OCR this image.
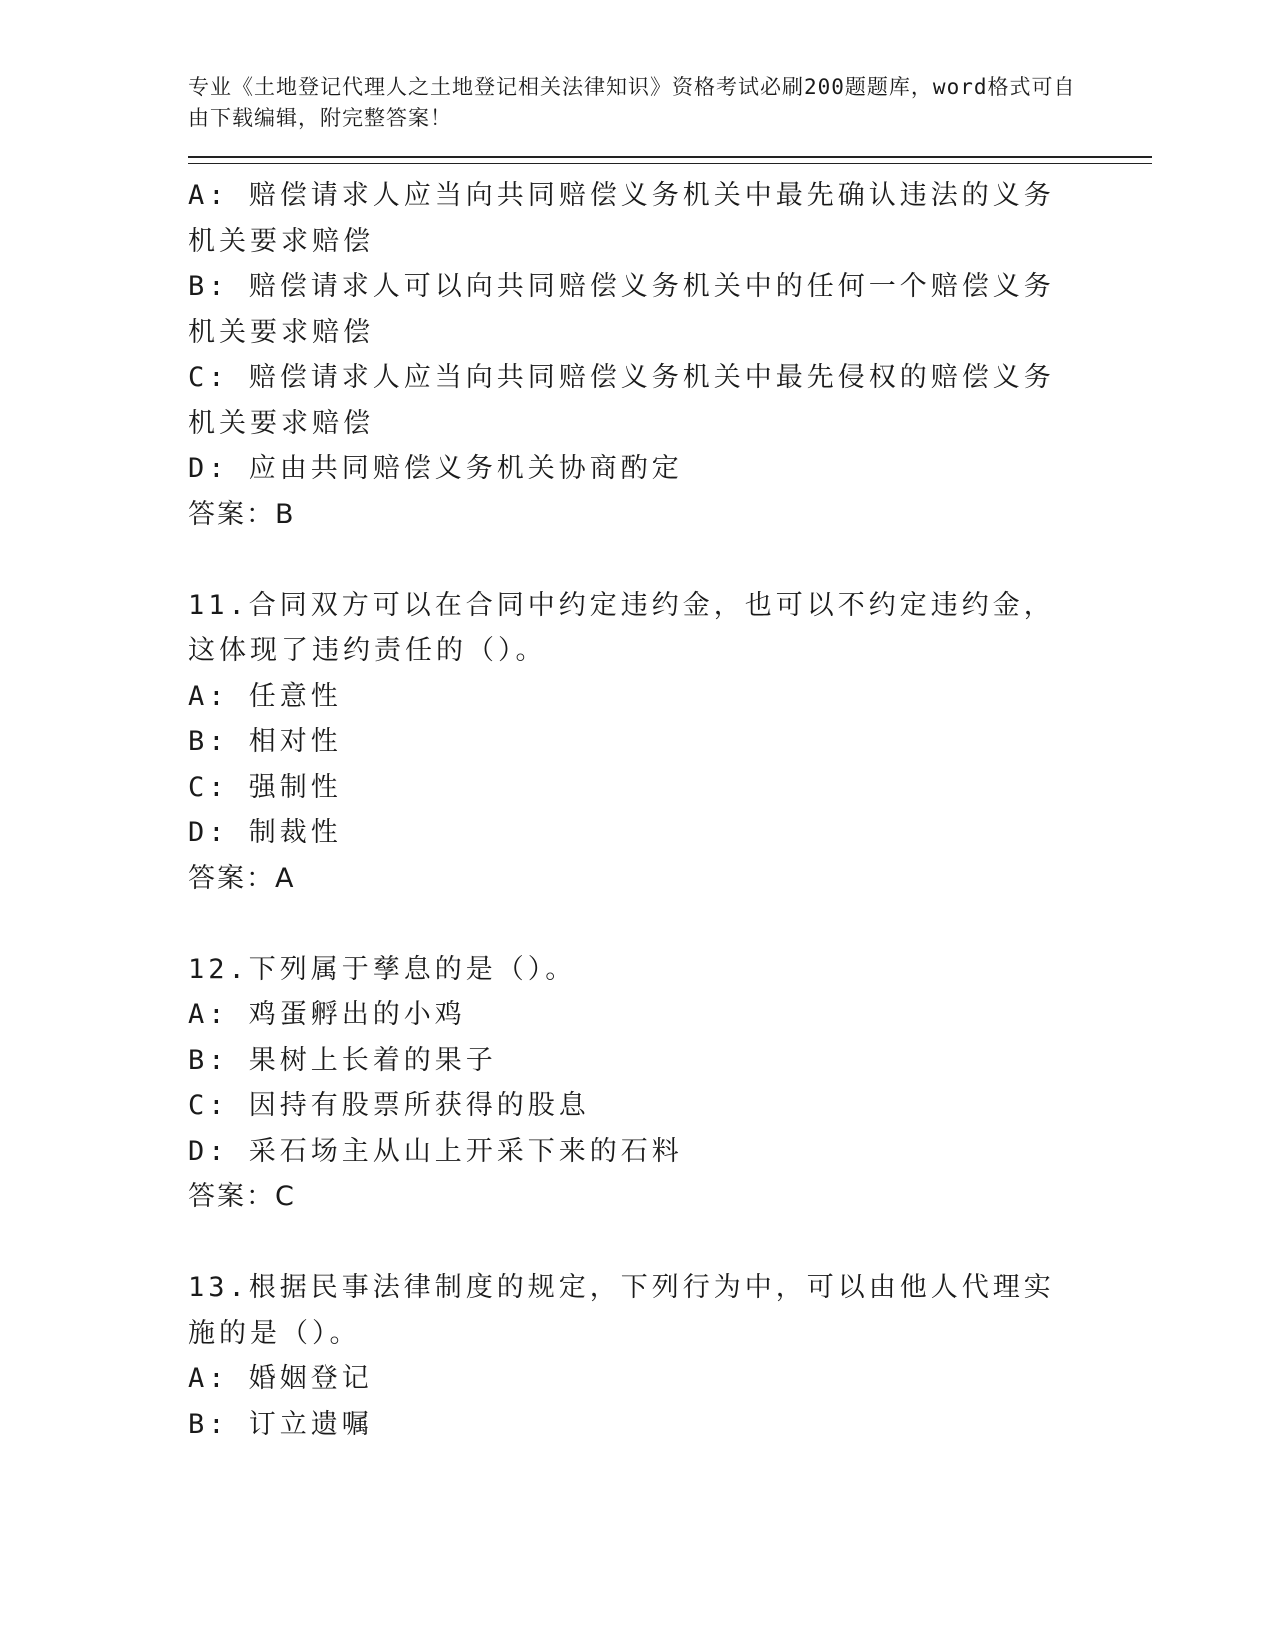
专业《土地登记代理人之土地登记相关法律知识》资格考试必刷200题题库，word格式可自由下载编辑，附完整答案！
A: 赔偿请求人应当向共同赔偿义务机关中最先确认违法的义务机关要求赔偿
B: 赔偿请求人可以向共同赔偿义务机关中的任何一个赔偿义务机关要求赔偿
C: 赔偿请求人应当向共同赔偿义务机关中最先侵权的赔偿义务机关要求赔偿
D: 应由共同赔偿义务机关协商酌定
答案：B
11.合同双方可以在合同中约定违约金，也可以不约定违约金，这体现了违约责任的（）。
A: 任意性
B: 相对性
C: 强制性
D: 制裁性
答案：A
12.下列属于孳息的是（）。
A: 鸡蛋孵出的小鸡
B: 果树上长着的果子
C: 因持有股票所获得的股息
D: 采石场主从山上开采下来的石料
答案：C
13.根据民事法律制度的规定，下列行为中，可以由他人代理实施的是（）。
A: 婚姻登记
B: 订立遗嘱
